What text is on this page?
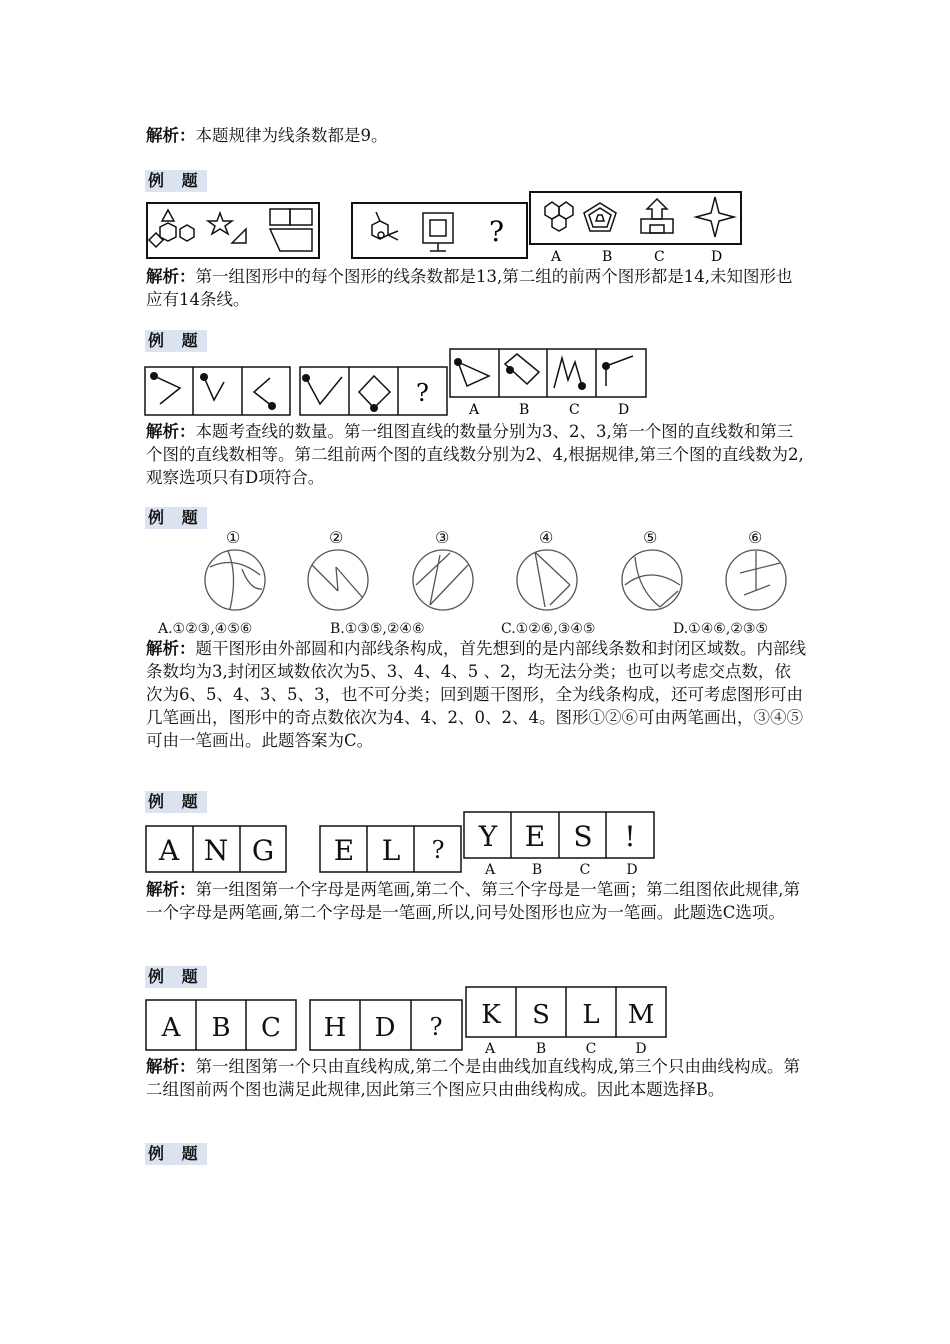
解析：本题规律为线条数都是9。

例 题
?
A	B	C	D

解析：第一组图形中的每个图形的线条数都是13,第二组的前两个图形都是14,未知图形也应有14条线。

例 题
?
A	B	C	D

解析：本题考查线的数量。第一组图直线的数量分别为3、2、3,第一个图的直线数和第三个图的直线数相等。第二组前两个图的直线数分别为2、4,根据规律,第三个图的直线数为2,观察选项只有D项符合。

例 题
①	②	③	④	⑤	⑥
A.①②③,④⑤⑥	B.①③⑤,②④⑥	C.①②⑥,③④⑤	D.①④⑥,②③⑤

解析：题干图形由外部圆和内部线条构成，首先想到的是内部线条数和封闭区域数。内部线条数均为3,封闭区域数依次为5、3、4、4、5 、2，均无法分类；也可以考虑交点数，依次为6、5、4、3、5、3，也不可分类；回到题干图形，全为线条构成，还可考虑图形可由几笔画出，图形中的奇点数依次为4、4、2、0、2、4。图形①②⑥可由两笔画出，③④⑤可由一笔画出。此题答案为C。

例 题
A N G E L ? Y E S !
A	B	C	D

解析：第一组图第一个字母是两笔画,第二个、第三个字母是一笔画；第二组图依此规律,第一个字母是两笔画,第二个字母是一笔画,所以,问号处图形也应为一笔画。此题选C选项。

例 题
A B C H D ? K S L M
A	B	C	D

解析：第一组图第一个只由直线构成,第二个是由曲线加直线构成,第三个只由曲线构成。第二组图前两个图也满足此规律,因此第三个图应只由曲线构成。因此本题选择B。

例 题
